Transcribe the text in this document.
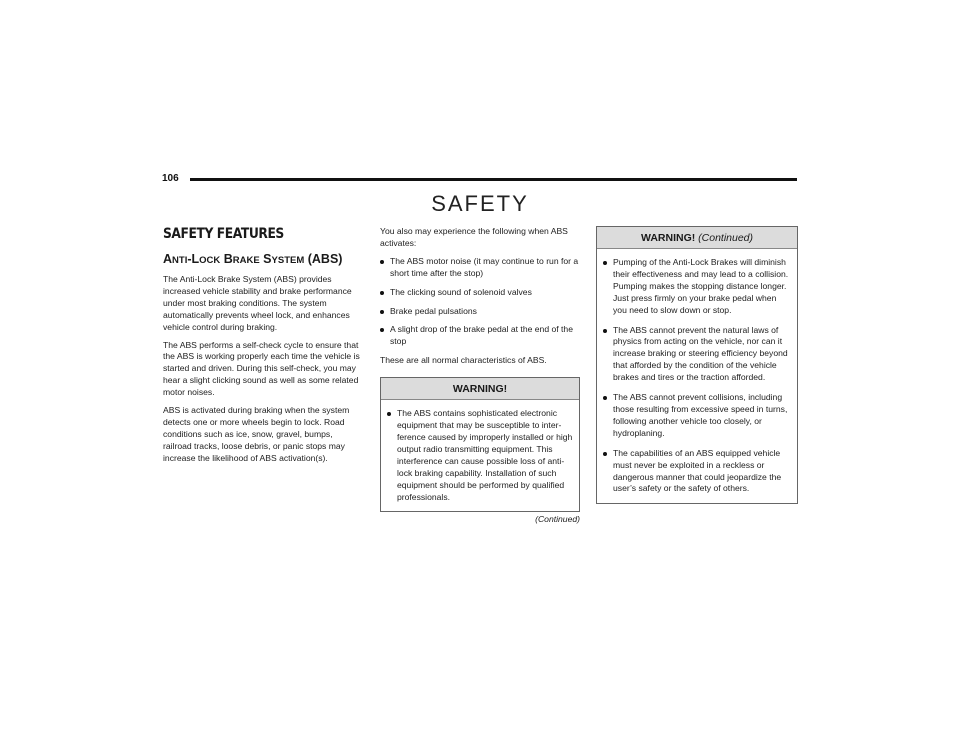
106
SAFETY
SAFETY FEATURES
ANTI-LOCK BRAKE SYSTEM (ABS)

The Anti-Lock Brake System (ABS) provides increased vehicle stability and brake performance under most braking conditions. The system automatically prevents wheel lock, and enhances vehicle control during braking.

The ABS performs a self-check cycle to ensure that the ABS is working properly each time the vehicle is started and driven. During this self-check, you may hear a slight clicking sound as well as some related motor noises.

ABS is activated during braking when the system detects one or more wheels begin to lock. Road conditions such as ice, snow, gravel, bumps, railroad tracks, loose debris, or panic stops may increase the likelihood of ABS activation(s).

You also may experience the following when ABS activates:

The ABS motor noise (it may continue to run for a short time after the stop)
The clicking sound of solenoid valves
Brake pedal pulsations
A slight drop of the brake pedal at the end of the stop

These are all normal characteristics of ABS.

WARNING!
The ABS contains sophisticated electronic equipment that may be susceptible to inter-ference caused by improperly installed or high output radio transmitting equipment. This interference can cause possible loss of anti-lock braking capability. Installation of such equipment should be performed by qualified professionals.
(Continued)
WARNING! (Continued)
Pumping of the Anti-Lock Brakes will diminish their effectiveness and may lead to a collision. Pumping makes the stopping distance longer. Just press firmly on your brake pedal when you need to slow down or stop.
The ABS cannot prevent the natural laws of physics from acting on the vehicle, nor can it increase braking or steering efficiency beyond that afforded by the condition of the vehicle brakes and tires or the traction afforded.
The ABS cannot prevent collisions, including those resulting from excessive speed in turns, following another vehicle too closely, or hydroplaning.
The capabilities of an ABS equipped vehicle must never be exploited in a reckless or dangerous manner that could jeopardize the user’s safety or the safety of others.
